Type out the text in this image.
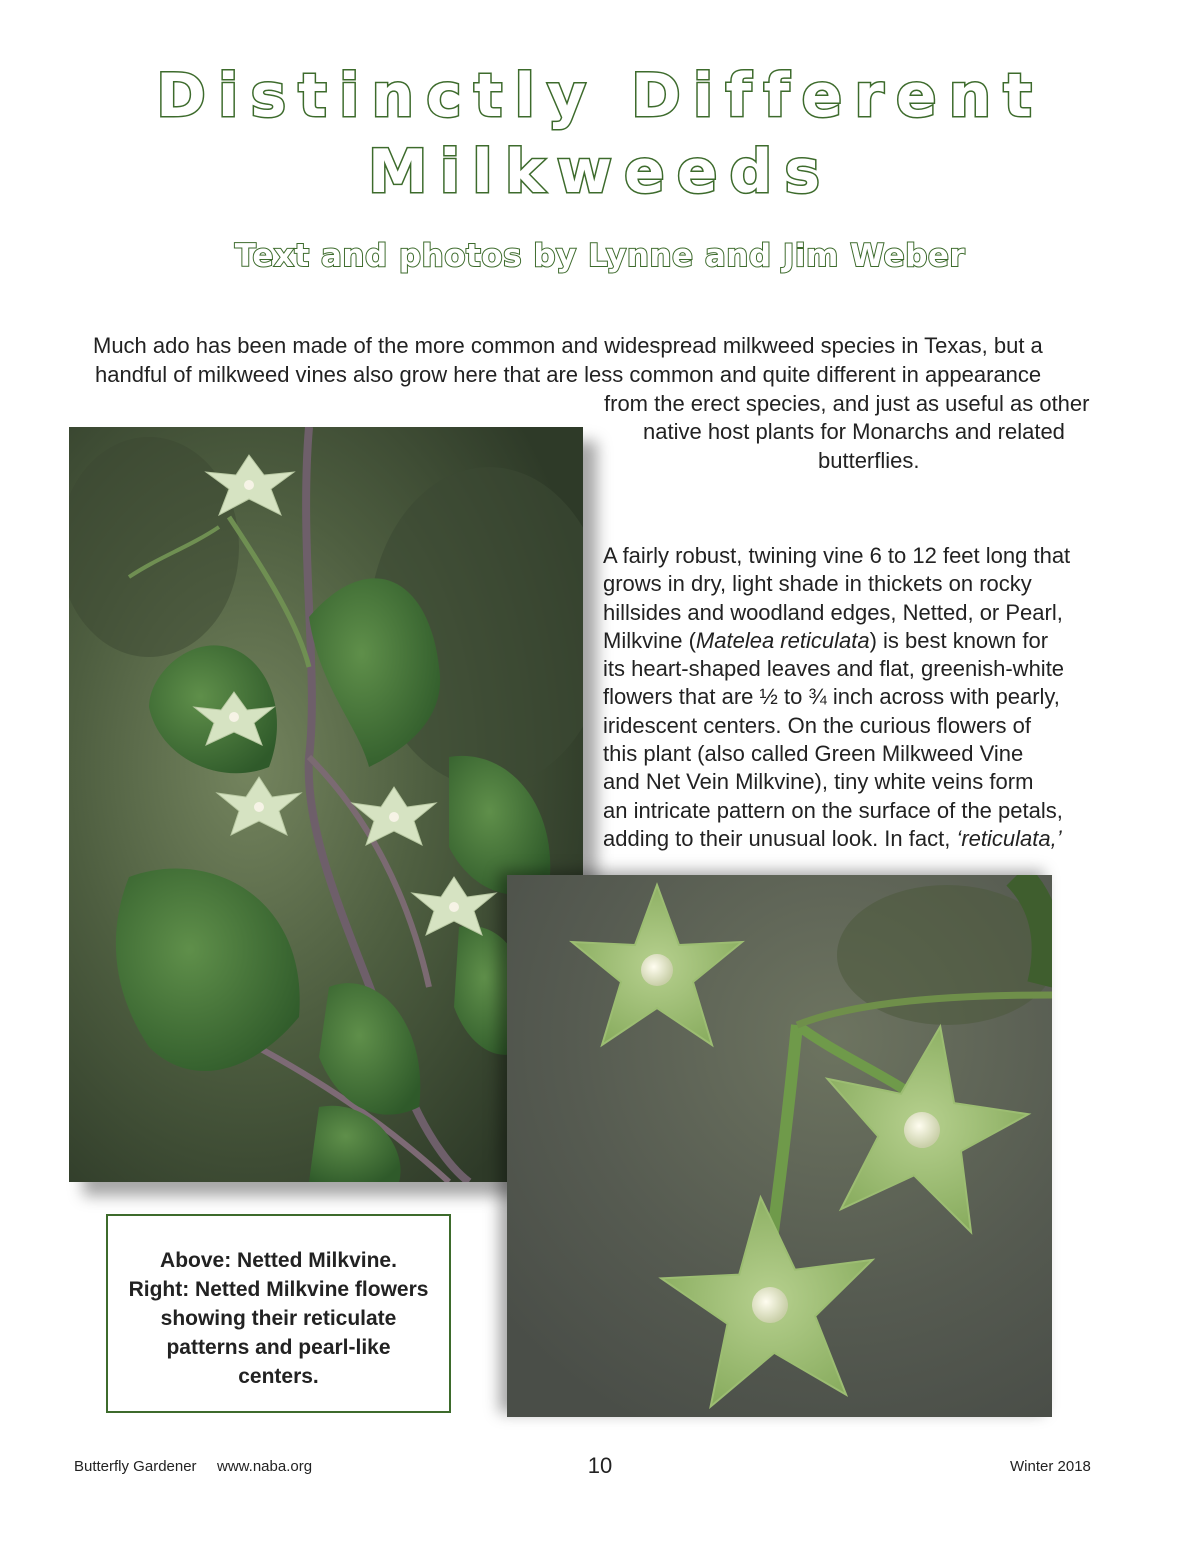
Distinctly Different
Milkweeds
Text and photos by Lynne and Jim Weber
Much ado has been made of the more common and widespread milkweed species in Texas, but a
handful of milkweed vines also grow here that are less common and quite different in appearance
from the erect species, and just as useful as other
native host plants for Monarchs and related
butterflies.
A fairly robust, twining vine 6 to 12 feet long that
grows in dry, light shade in thickets on rocky
hillsides and woodland edges, Netted, or Pearl,
Milkvine (Matelea reticulata) is best known for
its heart-shaped leaves and flat, greenish-white
flowers that are ½ to ¾ inch across with pearly,
iridescent centers. On the curious flowers of
this plant (also called Green Milkweed Vine
and Net Vein Milkvine), tiny white veins form
an intricate pattern on the surface of the petals,
adding to their unusual look. In fact, ‘reticulata,’

Above: Netted Milkvine.
Right: Netted Milkvine flowers
showing their reticulate
patterns and pearl-like
centers.

Butterfly Gardener www.naba.org	10	Winter 2018
